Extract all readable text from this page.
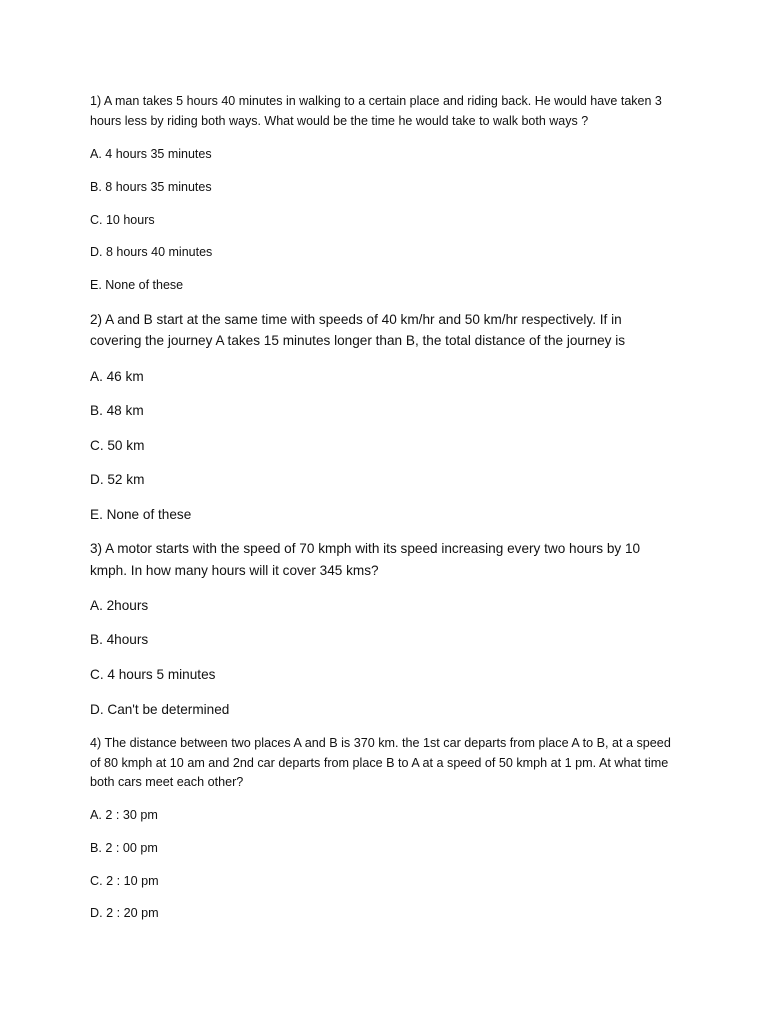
1) A man takes 5 hours 40 minutes in walking to a certain place and riding back. He would have taken 3

hours less by riding both ways. What would be the time he would take to walk both ways ?

A. 4 hours 35 minutes

B. 8 hours 35 minutes

C. 10 hours

D. 8 hours 40 minutes

E. None of these

2) A and B start at the same time with speeds of 40 km/hr and 50 km/hr respectively. If in

covering the journey A takes 15 minutes longer than B, the total distance of the journey is

A. 46 km

B. 48 km

C. 50 km

D. 52 km

E. None of these

3) A motor starts with the speed of 70 kmph with its speed increasing every two hours by 10

kmph. In how many hours will it cover 345 kms?

A. 2hours

B. 4hours

C. 4 hours 5 minutes

D. Can't be determined

4) The distance between two places A and B is 370 km. the 1st car departs from place A to B, at a speed

of 80 kmph at 10 am and 2nd car departs from place B to A at a speed of 50 kmph at 1 pm. At what time

both cars meet each other?

A. 2 : 30 pm

B. 2 : 00 pm

C. 2 : 10 pm

D. 2 : 20 pm
